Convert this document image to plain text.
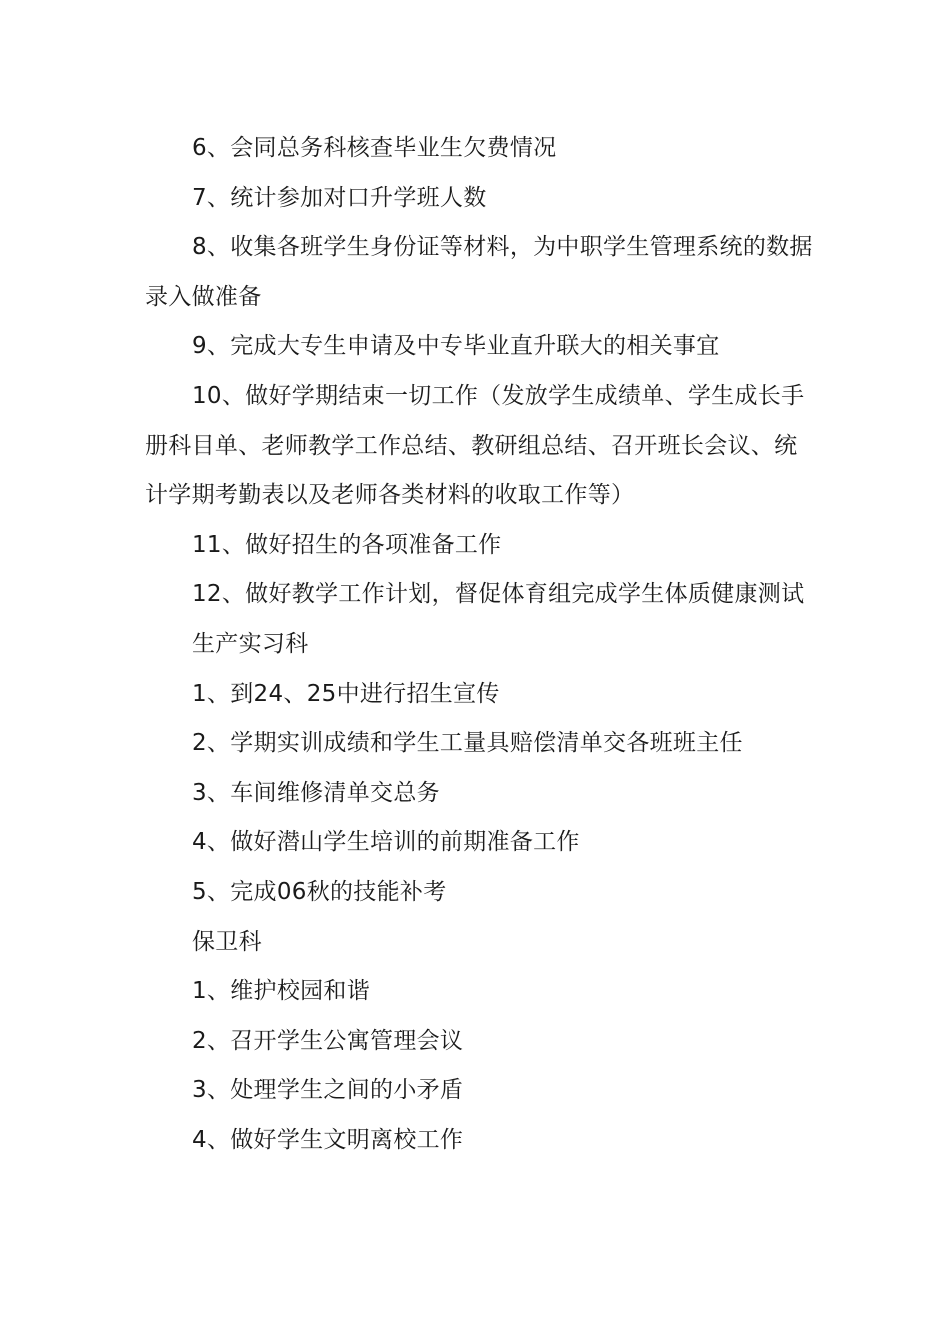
6、会同总务科核查毕业生欠费情况

7、统计参加对口升学班人数

8、收集各班学生身份证等材料，为中职学生管理系统的数据录入做准备

9、完成大专生申请及中专毕业直升联大的相关事宜

10、做好学期结束一切工作（发放学生成绩单、学生成长手册科目单、老师教学工作总结、教研组总结、召开班长会议、统计学期考勤表以及老师各类材料的收取工作等）

11、做好招生的各项准备工作

12、做好教学工作计划，督促体育组完成学生体质健康测试

生产实习科

1、到24、25中进行招生宣传

2、学期实训成绩和学生工量具赔偿清单交各班班主任

3、车间维修清单交总务

4、做好潜山学生培训的前期准备工作

5、完成06秋的技能补考

保卫科

1、维护校园和谐

2、召开学生公寓管理会议

3、处理学生之间的小矛盾

4、做好学生文明离校工作
